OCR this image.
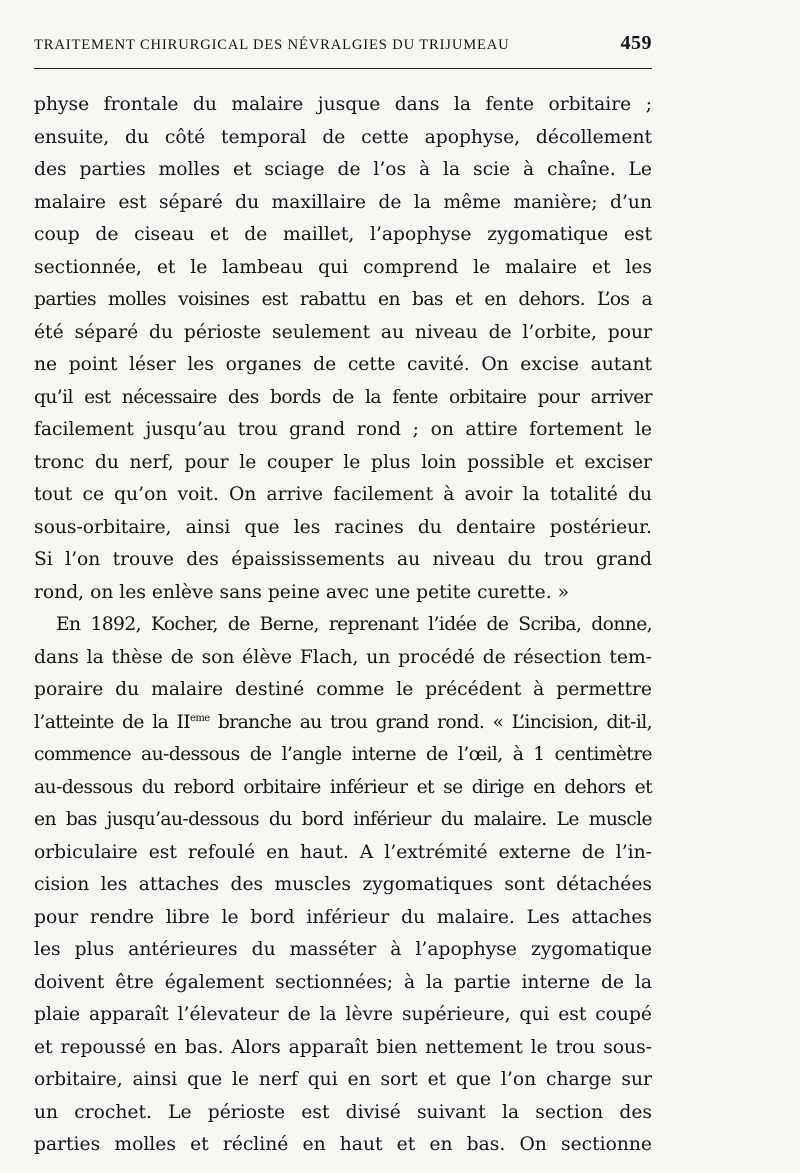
TRAITEMENT CHIRURGICAL DES NÉVRALGIES DU TRIJUMEAU	459
physe frontale du malaire jusque dans la fente orbitaire ;
ensuite, du côté temporal de cette apophyse, décollement
des parties molles et sciage de l’os à la scie à chaîne. Le
malaire est séparé du maxillaire de la même manière; d’un
coup de ciseau et de maillet, l’apophyse zygomatique est
sectionnée, et le lambeau qui comprend le malaire et les
parties molles voisines est rabattu en bas et en dehors. L’os a
été séparé du périoste seulement au niveau de l’orbite, pour
ne point léser les organes de cette cavité. On excise autant
qu’il est nécessaire des bords de la fente orbitaire pour arriver
facilement jusqu’au trou grand rond ; on attire fortement le
tronc du nerf, pour le couper le plus loin possible et exciser
tout ce qu’on voit. On arrive facilement à avoir la totalité du
sous-orbitaire, ainsi que les racines du dentaire postérieur.
Si l’on trouve des épaississements au niveau du trou grand
rond, on les enlève sans peine avec une petite curette. »
En 1892, Kocher, de Berne, reprenant l’idée de Scriba, donne,
dans la thèse de son élève Flach, un procédé de résection tem-
poraire du malaire destiné comme le précédent à permettre
l’atteinte de la IIeme branche au trou grand rond. « L’incision, dit-il,
commence au-dessous de l’angle interne de l’œil, à 1 centimètre
au-dessous du rebord orbitaire inférieur et se dirige en dehors et
en bas jusqu’au-dessous du bord inférieur du malaire. Le muscle
orbiculaire est refoulé en haut. A l’extrémité externe de l’in-
cision les attaches des muscles zygomatiques sont détachées
pour rendre libre le bord inférieur du malaire. Les attaches
les plus antérieures du masséter à l’apophyse zygomatique
doivent être également sectionnées; à la partie interne de la
plaie apparaît l’élevateur de la lèvre supérieure, qui est coupé
et repoussé en bas. Alors apparaît bien nettement le trou sous-
orbitaire, ainsi que le nerf qui en sort et que l’on charge sur
un crochet. Le périoste est divisé suivant la section des
parties molles et récliné en haut et en bas. On sectionne
